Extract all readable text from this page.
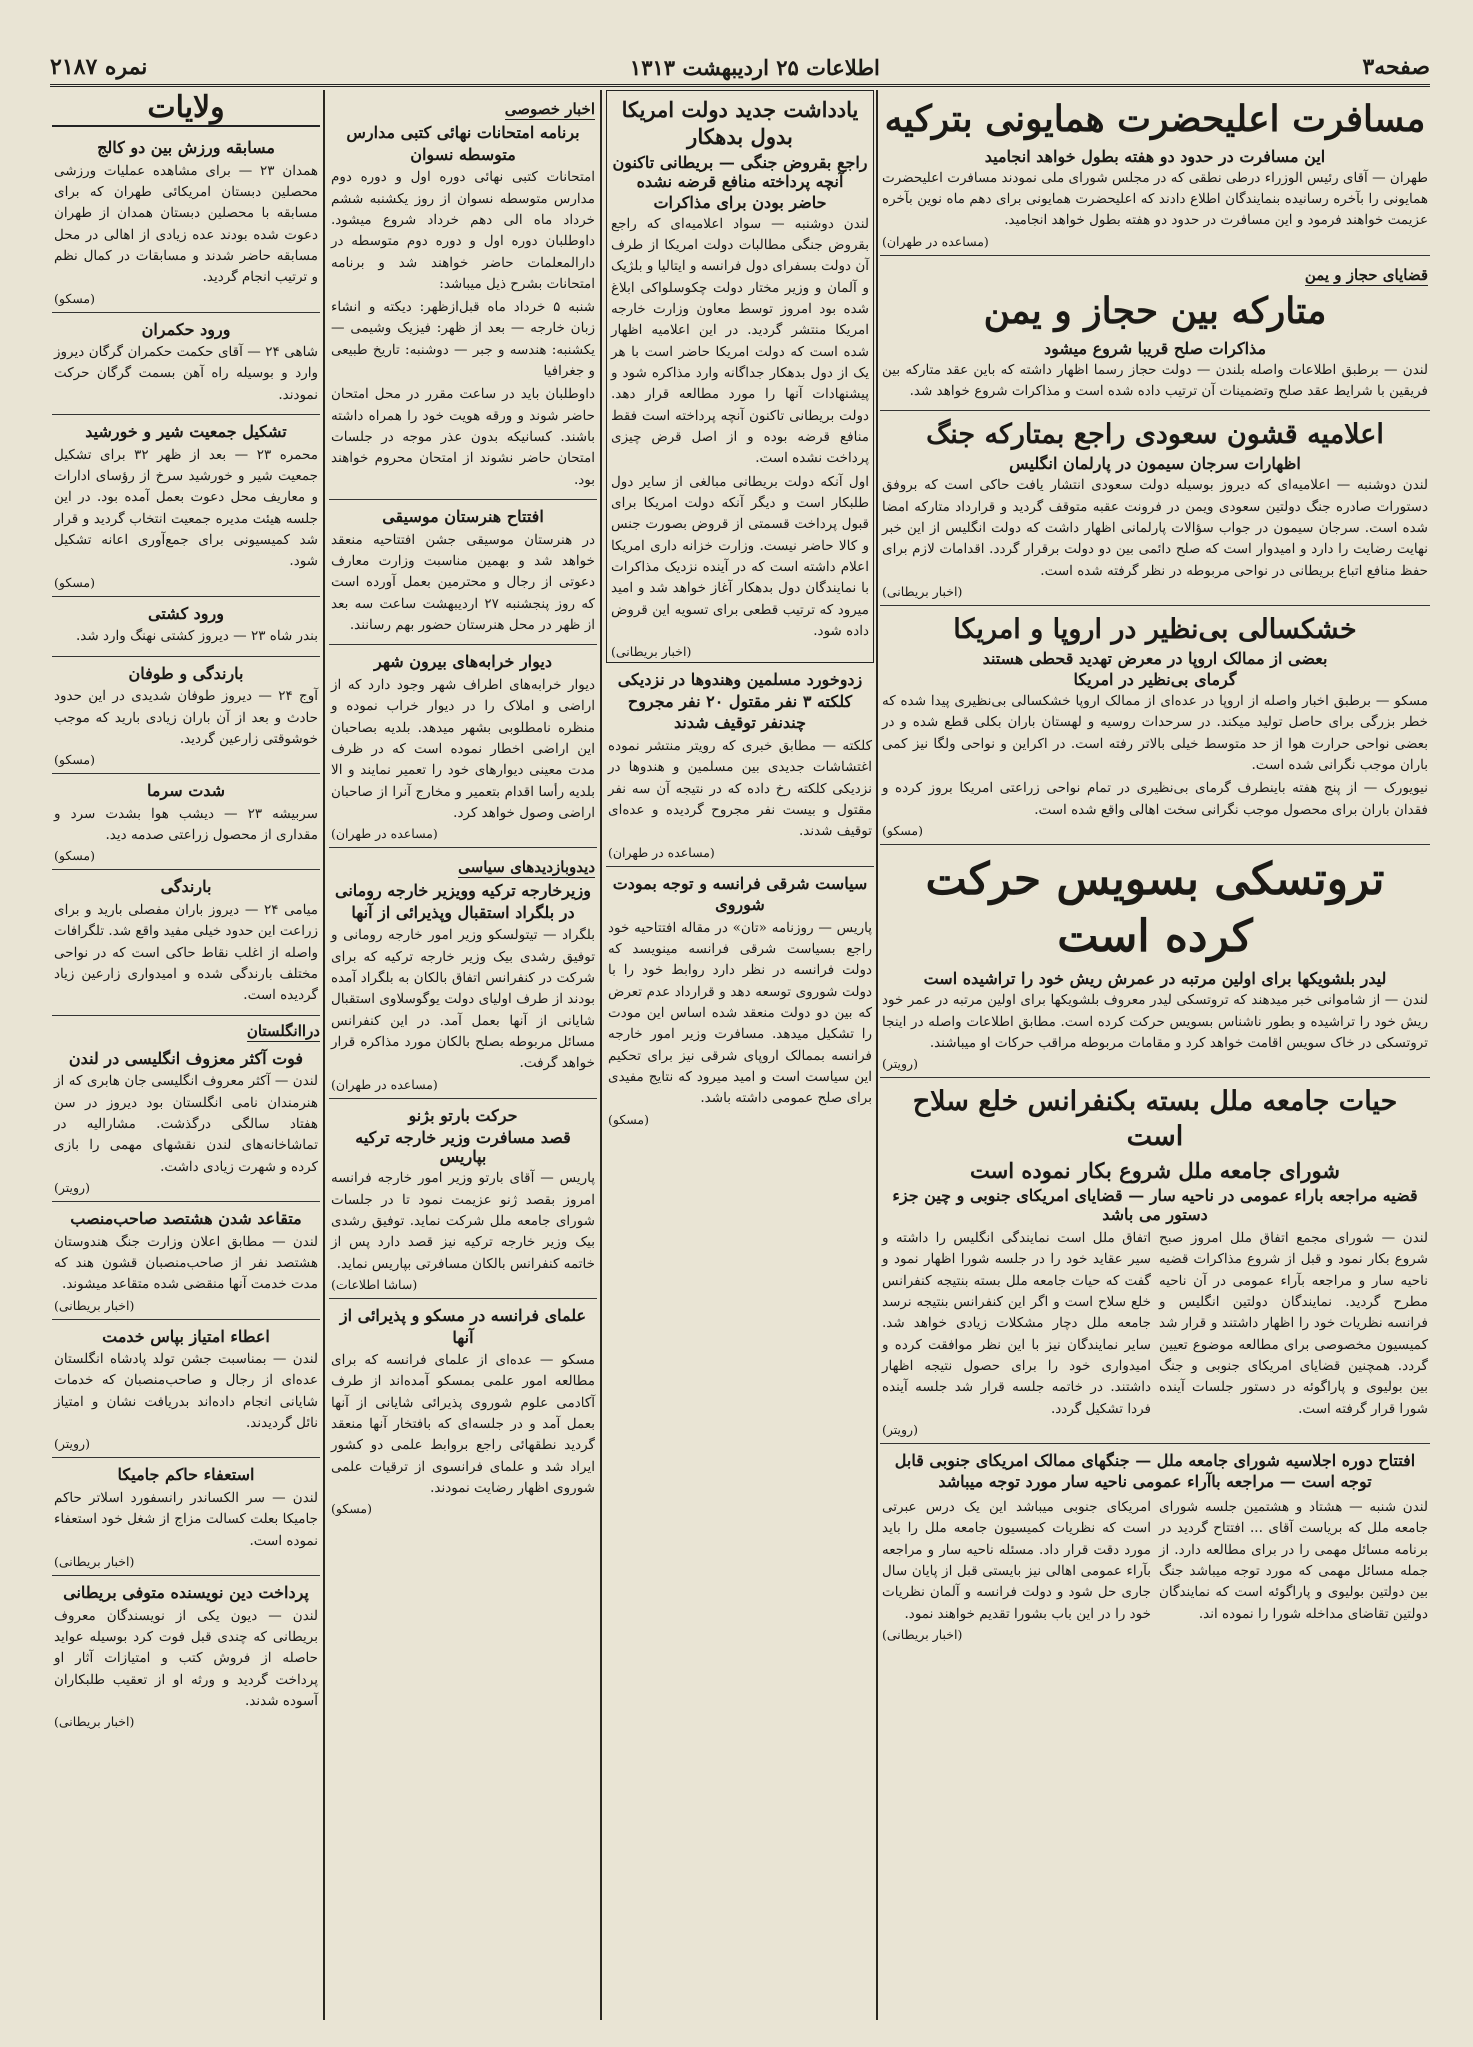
صفحه۳
اطلاعات ۲۵ اردیبهشت ۱۳۱۳
نمره ۲۱۸۷
مسافرت اعلیحضرت همایونی بترکیه
این مسافرت در حدود دو هفته بطول خواهد انجامید

طهران — آقای رئیس الوزراء درطی نطقی که در مجلس شورای ملی نمودند مسافرت اعلیحضرت همایونی را بآخره رسانیده بنمایندگان اطلاع دادند که اعلیحضرت همایونی برای دهم ماه نوین بآخره عزیمت خواهند فرمود و این مسافرت در حدود دو هفته بطول خواهد انجامید.

(مساعده در طهران)
قضایای حجاز و یمن
متارکه بین حجاز و یمن
مذاکرات صلح قریبا شروع میشود

لندن — برطبق اطلاعات واصله بلندن — دولت حجاز رسما اظهار داشته که باین عقد متارکه بین فریقین با شرایط عقد صلح وتضمینات آن ترتیب داده شده است و مذاکرات شروع خواهد شد.

اعلامیه قشون سعودی راجع بمتارکه جنگ
اظهارات سرجان سیمون در پارلمان انگلیس

لندن دوشنبه — اعلامیه‌ای که دیروز بوسیله دولت سعودی انتشار یافت حاکی است که بروفق دستورات صادره جنگ دولتین سعودی ویمن در فرونت عقبه متوقف گردید و قرارداد متارکه امضا شده است. سرجان سیمون در جواب سؤالات پارلمانی اظهار داشت که دولت انگلیس از این خبر نهایت رضایت را دارد و امیدوار است که صلح دائمی بین دو دولت برقرار گردد. اقدامات لازم برای حفظ منافع اتباع بریطانی در نواحی مربوطه در نظر گرفته شده است.

(اخبار بریطانی)
خشکسالی بی‌نظیر در اروپا و امریکا
بعضی از ممالک اروپا در معرض تهدید قحطی هستند
گرمای بی‌نظیر در امریکا

مسکو — برطبق اخبار واصله از اروپا در عده‌ای از ممالک اروپا خشکسالی بی‌نظیری پیدا شده که خطر بزرگی برای حاصل تولید میکند. در سرحدات روسیه و لهستان باران بکلی قطع شده و در بعضی نواحی حرارت هوا از حد متوسط خیلی بالاتر رفته است. در اکراین و نواحی ولگا نیز کمی باران موجب نگرانی شده است.

نیویورک — از پنج هفته باینطرف گرمای بی‌نظیری در تمام نواحی زراعتی امریکا بروز کرده و فقدان باران برای محصول موجب نگرانی سخت اهالی واقع شده است.

(مسکو)
تروتسکی بسویس حرکت کرده است
لیدر بلشویکها برای اولین مرتبه در عمرش ریش خود را تراشیده است

لندن — از شاموانی خبر میدهند که تروتسکی لیدر معروف بلشویکها برای اولین مرتبه در عمر خود ریش خود را تراشیده و بطور ناشناس بسویس حرکت کرده است. مطابق اطلاعات واصله در اینجا تروتسکی در خاک سویس اقامت خواهد کرد و مقامات مربوطه مراقب حرکات او میباشند.

(رویتر)
حیات جامعه ملل بسته بکنفرانس خلع سلاح است
شورای جامعه ملل شروع بکار نموده است
قضیه مراجعه باراء عمومی در ناحیه سار — قضایای امریکای جنوبی و چین جزء دستور می باشد

لندن — شورای مجمع اتفاق ملل امروز صبح شروع بکار نمود و قبل از شروع مذاکرات قضیه ناحیه سار و مراجعه بآراء عمومی در آن ناحیه مطرح گردید. نمایندگان دولتین انگلیس و فرانسه نظریات خود را اظهار داشتند و قرار شد کمیسیون مخصوصی برای مطالعه موضوع تعیین گردد. همچنین قضایای امریکای جنوبی و جنگ بین بولیوی و پاراگوئه در دستور جلسات آینده شورا قرار گرفته است.

اتفاق ملل است نمایندگی انگلیس را داشته و سیر عقاید خود را در جلسه شورا اظهار نمود و گفت که حیات جامعه ملل بسته بنتیجه کنفرانس خلع سلاح است و اگر این کنفرانس بنتیجه نرسد جامعه ملل دچار مشکلات زیادی خواهد شد. سایر نمایندگان نیز با این نظر موافقت کرده و امیدواری خود را برای حصول نتیجه اظهار داشتند. در خاتمه جلسه قرار شد جلسه آینده فردا تشکیل گردد.

(رویتر)
افتتاح دوره اجلاسیه شورای جامعه ملل — جنگهای ممالک امریکای جنوبی قابل توجه است — مراجعه باآراء عمومی ناحیه سار مورد توجه میباشد

لندن شنبه — هشتاد و هشتمین جلسه شورای جامعه ملل که بریاست آقای ... افتتاح گردید در برنامه مسائل مهمی را در برای مطالعه دارد. از جمله مسائل مهمی که مورد توجه میباشد جنگ بین دولتین بولیوی و پاراگوئه است که نمایندگان دولتین تقاضای مداخله شورا را نموده اند.

امریکای جنوبی میباشد این یک درس عبرتی است که نظریات کمیسیون جامعه ملل را باید مورد دقت قرار داد. مسئله ناحیه سار و مراجعه بآراء عمومی اهالی نیز بایستی قبل از پایان سال جاری حل شود و دولت فرانسه و آلمان نظریات خود را در این باب بشورا تقدیم خواهند نمود.

(اخبار بریطانی)
یادداشت جدید دولت امریکا بدول بدهکار
راجع بقروض جنگی — بریطانی تاکنون آنچه پرداخته منافع قرضه نشده
حاضر بودن برای مذاکرات

لندن دوشنبه — سواد اعلامیه‌ای که راجع بقروض جنگی مطالبات دولت امریکا از طرف آن دولت بسفرای دول فرانسه و ایتالیا و بلژیک و آلمان و وزیر مختار دولت چکوسلواکی ابلاغ شده بود امروز توسط معاون وزارت خارجه امریکا منتشر گردید. در این اعلامیه اظهار شده است که دولت امریکا حاضر است با هر یک از دول بدهکار جداگانه وارد مذاکره شود و پیشنهادات آنها را مورد مطالعه قرار دهد. دولت بریطانی تاکنون آنچه پرداخته است فقط منافع قرضه بوده و از اصل قرض چیزی پرداخت نشده است.

اول آنکه دولت بریطانی مبالغی از سایر دول طلبکار است و دیگر آنکه دولت امریکا برای قبول پرداخت قسمتی از قروض بصورت جنس و کالا حاضر نیست. وزارت خزانه داری امریکا اعلام داشته است که در آینده نزدیک مذاکرات با نمایندگان دول بدهکار آغاز خواهد شد و امید میرود که ترتیب قطعی برای تسویه این قروض داده شود.

(اخبار بریطانی)
زدوخورد مسلمین وهندوها در نزدیکی کلکته ۳ نفر مقتول ۲۰ نفر مجروح چندنفر توقیف شدند

کلکته — مطابق خبری که رویتر منتشر نموده اغتشاشات جدیدی بین مسلمین و هندوها در نزدیکی کلکته رخ داده که در نتیجه آن سه نفر مقتول و بیست نفر مجروح گردیده و عده‌ای توقیف شدند.

(مساعده در طهران)
سیاست شرقی فرانسه و توجه بمودت شوروی

پاریس — روزنامه «تان» در مقاله افتتاحیه خود راجع بسیاست شرقی فرانسه مینویسد که دولت فرانسه در نظر دارد روابط خود را با دولت شوروی توسعه دهد و قرارداد عدم تعرض که بین دو دولت منعقد شده اساس این مودت را تشکیل میدهد. مسافرت وزیر امور خارجه فرانسه بممالک اروپای شرقی نیز برای تحکیم این سیاست است و امید میرود که نتایج مفیدی برای صلح عمومی داشته باشد.

(مسکو)
اخبار خصوصی
برنامه امتحانات نهائی کتبی مدارس متوسطه نسوان

امتحانات کتبی نهائی دوره اول و دوره دوم مدارس متوسطه نسوان از روز یکشنبه ششم خرداد ماه الی دهم خرداد شروع میشود. داوطلبان دوره اول و دوره دوم متوسطه در دارالمعلمات حاضر خواهند شد و برنامه امتحانات بشرح ذیل میباشد:

شنبه ۵ خرداد ماه قبل‌ازظهر: دیکته و انشاء زبان خارجه — بعد از ظهر: فیزیک وشیمی — یکشنبه: هندسه و جبر — دوشنبه: تاریخ طبیعی و جغرافیا

داوطلبان باید در ساعت مقرر در محل امتحان حاضر شوند و ورقه هویت خود را همراه داشته باشند. کسانیکه بدون عذر موجه در جلسات امتحان حاضر نشوند از امتحان محروم خواهند بود.

افتتاح هنرستان موسیقی

در هنرستان موسیقی جشن افتتاحیه منعقد خواهد شد و بهمین مناسبت وزارت معارف دعوتی از رجال و محترمین بعمل آورده است که روز پنجشنبه ۲۷ اردیبهشت ساعت سه بعد از ظهر در محل هنرستان حضور بهم رسانند.

دیوار خرابه‌های بیرون شهر

دیوار خرابه‌های اطراف شهر وجود دارد که از اراضی و املاک را در دیوار خراب نموده و منظره نامطلوبی بشهر میدهد. بلدیه بصاحبان این اراضی اخطار نموده است که در ظرف مدت معینی دیوارهای خود را تعمیر نمایند و الا بلدیه رأسا اقدام بتعمیر و مخارج آنرا از صاحبان اراضی وصول خواهد کرد.

(مساعده در طهران)
دیدوبازدیدهای سیاسی
وزیرخارجه ترکیه وویزیر خارجه رومانی در بلگراد استقبال وپذیرائی از آنها

بلگراد — تیتولسکو وزیر امور خارجه رومانی و توفیق رشدی بیک وزیر خارجه ترکیه که برای شرکت در کنفرانس اتفاق بالکان به بلگراد آمده بودند از طرف اولیای دولت یوگوسلاوی استقبال شایانی از آنها بعمل آمد. در این کنفرانس مسائل مربوطه بصلح بالکان مورد مذاکره قرار خواهد گرفت.

(مساعده در طهران)
حرکت بارتو بژنو
قصد مسافرت وزیر خارجه ترکیه بپاریس

پاریس — آقای بارتو وزیر امور خارجه فرانسه امروز بقصد ژنو عزیمت نمود تا در جلسات شورای جامعه ملل شرکت نماید. توفیق رشدی بیک وزیر خارجه ترکیه نیز قصد دارد پس از خاتمه کنفرانس بالکان مسافرتی بپاریس نماید.

(ساشا اطلاعات)
علمای فرانسه در مسکو و پذیرائی از آنها

مسکو — عده‌ای از علمای فرانسه که برای مطالعه امور علمی بمسکو آمده‌اند از طرف آکادمی علوم شوروی پذیرائی شایانی از آنها بعمل آمد و در جلسه‌ای که بافتخار آنها منعقد گردید نطقهائی راجع بروابط علمی دو کشور ایراد شد و علمای فرانسوی از ترقیات علمی شوروی اظهار رضایت نمودند.

(مسکو)
ولایات
مسابقه ورزش بین دو کالج

همدان ۲۳ — برای مشاهده عملیات ورزشی محصلین دبستان امریکائی طهران که برای مسابقه با محصلین دبستان همدان از طهران دعوت شده بودند عده زیادی از اهالی در محل مسابقه حاضر شدند و مسابقات در کمال نظم و ترتیب انجام گردید.

(مسکو)
ورود حکمران

شاهی ۲۴ — آقای حکمت حکمران گرگان دیروز وارد و بوسیله راه آهن بسمت گرگان حرکت نمودند.

تشکیل جمعیت شیر و خورشید

محمره ۲۳ — بعد از ظهر ۳۲ برای تشکیل جمعیت شیر و خورشید سرخ از رؤسای ادارات و معاریف محل دعوت بعمل آمده بود. در این جلسه هیئت مدیره جمعیت انتخاب گردید و قرار شد کمیسیونی برای جمع‌آوری اعانه تشکیل شود.

(مسکو)
ورود کشتی

بندر شاه ۲۳ — دیروز کشتی نهنگ وارد شد.

بارندگی و طوفان

آوج ۲۴ — دیروز طوفان شدیدی در این حدود حادث و بعد از آن باران زیادی بارید که موجب خوشوقتی زارعین گردید.

(مسکو)
شدت سرما

سربیشه ۲۳ — دیشب هوا بشدت سرد و مقداری از محصول زراعتی صدمه دید.

(مسکو)
بارندگی

میامی ۲۴ — دیروز باران مفصلی بارید و برای زراعت این حدود خیلی مفید واقع شد. تلگرافات واصله از اغلب نقاط حاکی است که در نواحی مختلف بارندگی شده و امیدواری زارعین زیاد گردیده است.

دراانگلستان
فوت آکثر معزوف انگلیسی در لندن

لندن — آکثر معروف انگلیسی جان هابری که از هنرمندان نامی انگلستان بود دیروز در سن هفتاد سالگی درگذشت. مشارالیه در تماشاخانه‌های لندن نقشهای مهمی را بازی کرده و شهرت زیادی داشت.

(رویتر)
متقاعد شدن هشتصد صاحب‌منصب

لندن — مطابق اعلان وزارت جنگ هندوستان هشتصد نفر از صاحب‌منصبان قشون هند که مدت خدمت آنها منقضی شده متقاعد میشوند.

(اخبار بریطانی)
اعطاء امتیاز بپاس خدمت

لندن — بمناسبت جشن تولد پادشاه انگلستان عده‌ای از رجال و صاحب‌منصبان که خدمات شایانی انجام داده‌اند بدریافت نشان و امتیاز نائل گردیدند.

(رویتر)
استعفاء حاکم جامیکا

لندن — سر الکساندر رانسفورد اسلاتر حاکم جامیکا بعلت کسالت مزاج از شغل خود استعفاء نموده است.

(اخبار بریطانی)
پرداخت دین نویسنده متوفی بریطانی

لندن — دیون یکی از نویسندگان معروف بریطانی که چندی قبل فوت کرد بوسیله عواید حاصله از فروش کتب و امتیازات آثار او پرداخت گردید و ورثه او از تعقیب طلبکاران آسوده شدند.

(اخبار بریطانی)
